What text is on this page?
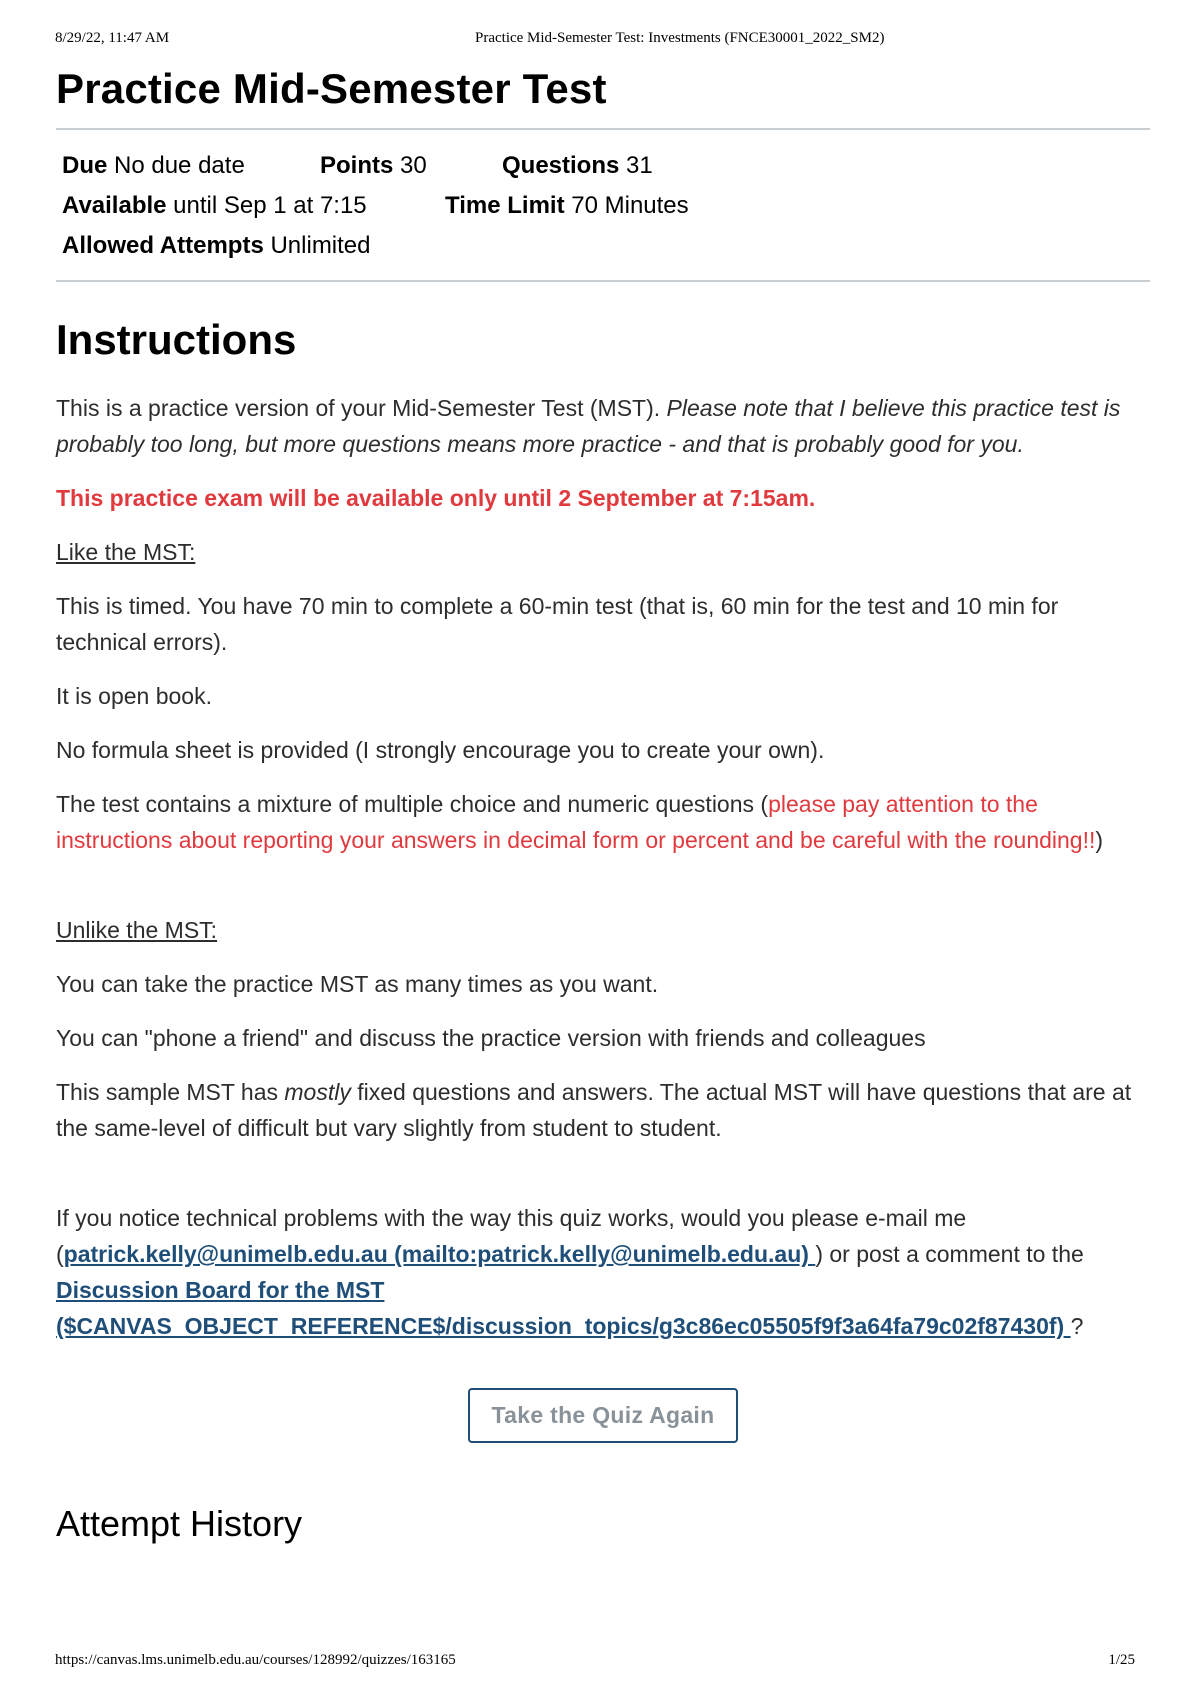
8/29/22, 11:47 AM	Practice Mid-Semester Test: Investments (FNCE30001_2022_SM2)
Practice Mid-Semester Test
Due No due date	Points 30	Questions 31
Available until Sep 1 at 7:15	Time Limit 70 Minutes
Allowed Attempts Unlimited
Instructions

This is a practice version of your Mid-Semester Test (MST). Please note that I believe this practice test is probably too long, but more questions means more practice - and that is probably good for you.

This practice exam will be available only until 2 September at 7:15am.

Like the MST:

This is timed. You have 70 min to complete a 60-min test (that is, 60 min for the test and 10 min for technical errors).

It is open book.

No formula sheet is provided (I strongly encourage you to create your own).

The test contains a mixture of multiple choice and numeric questions (please pay attention to the instructions about reporting your answers in decimal form or percent and be careful with the rounding!!)

Unlike the MST:

You can take the practice MST as many times as you want.

You can "phone a friend" and discuss the practice version with friends and colleagues

This sample MST has mostly fixed questions and answers. The actual MST will have questions that are at the same-level of difficult but vary slightly from student to student.

If you notice technical problems with the way this quiz works, would you please e-mail me (patrick.kelly@unimelb.edu.au (mailto:patrick.kelly@unimelb.edu.au) ) or post a comment to the Discussion Board for the MST ($CANVAS_OBJECT_REFERENCE$/discussion_topics/g3c86ec05505f9f3a64fa79c02f87430f) ?

Take the Quiz Again
Attempt History
https://canvas.lms.unimelb.edu.au/courses/128992/quizzes/163165	1/25
